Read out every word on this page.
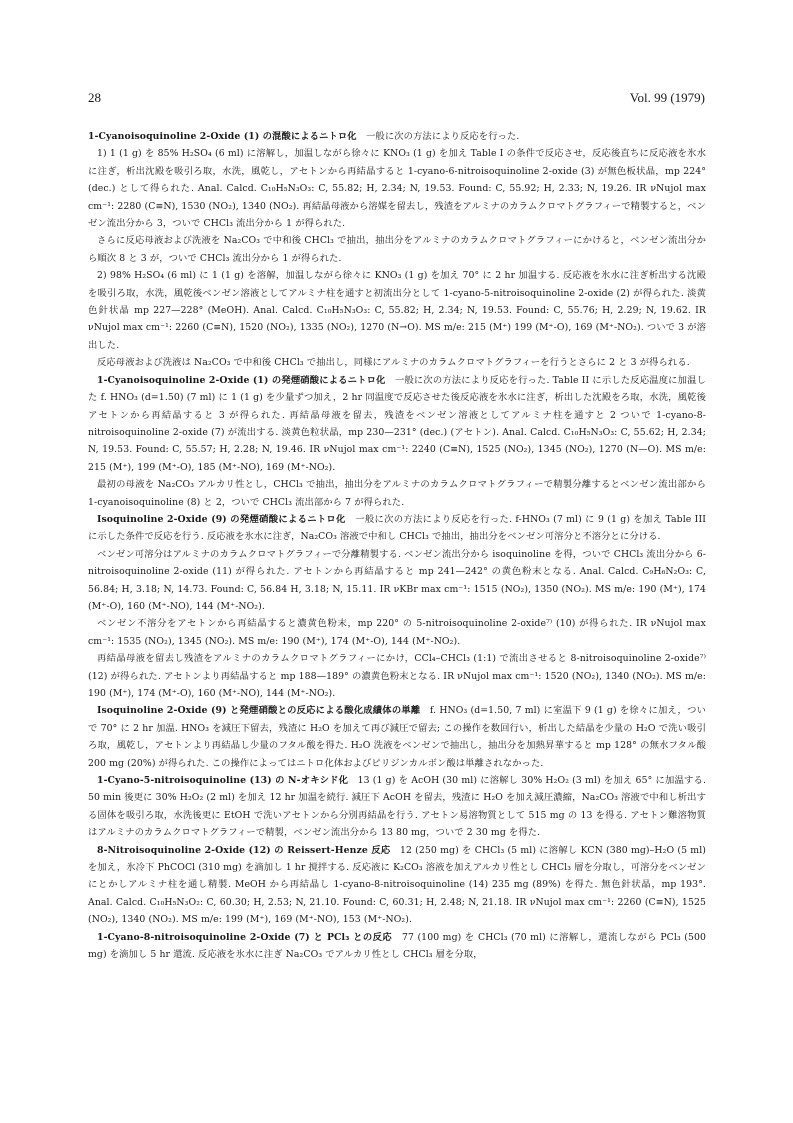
28	Vol. 99 (1979)

1-Cyanoisoquinoline 2-Oxide (1) の混酸によるニトロ化　一般に次の方法により反応を行った.

1) 1 (1 g) を 85% H₂SO₄ (6 ml) に溶解し，加温しながら徐々に KNO₃ (1 g) を加え Table I の条件で反応させ，反応後直ちに反応液を氷水に注ぎ，析出沈殿を吸引ろ取，水洗，風乾し，アセトンから再結晶すると 1-cyano-6-nitroisoquinoline 2-oxide (3) が無色板状晶，mp 224° (dec.) として得られた. Anal. Calcd. C₁₀H₅N₃O₃: C, 55.82; H, 2.34; N, 19.53. Found: C, 55.92; H, 2.33; N, 19.26. IR νNujol max cm⁻¹: 2280 (C≡N), 1530 (NO₂), 1340 (NO₂). 再結晶母液から溶媒を留去し，残渣をアルミナのカラムクロマトグラフィーで精製すると，ベンゼン流出分から 3，ついで CHCl₃ 流出分から 1 が得られた.

さらに反応母液および洗液を Na₂CO₃ で中和後 CHCl₃ で抽出，抽出分をアルミナのカラムクロマトグラフィーにかけると，ベンゼン流出分から順次 8 と 3 が，ついで CHCl₃ 流出分から 1 が得られた.

2) 98% H₂SO₄ (6 ml) に 1 (1 g) を溶解，加温しながら徐々に KNO₃ (1 g) を加え 70° に 2 hr 加温する. 反応液を氷水に注ぎ析出する沈殿を吸引ろ取，水洗，風乾後ベンゼン溶液としてアルミナ柱を通すと初流出分として 1-cyano-5-nitroisoquinoline 2-oxide (2) が得られた. 淡黄色針状晶 mp 227—228° (MeOH). Anal. Calcd. C₁₀H₅N₃O₃: C, 55.82; H, 2.34; N, 19.53. Found: C, 55.76; H, 2.29; N, 19.62. IR νNujol max cm⁻¹: 2260 (C≡N), 1520 (NO₂), 1335 (NO₂), 1270 (N→O). MS m/e: 215 (M⁺) 199 (M⁺-O), 169 (M⁺-NO₂). ついで 3 が溶出した.

反応母液および洗液は Na₂CO₃ で中和後 CHCl₃ で抽出し，同様にアルミナのカラムクロマトグラフィーを行うとさらに 2 と 3 が得られる.

1-Cyanoisoquinoline 2-Oxide (1) の発煙硝酸によるニトロ化　一般に次の方法により反応を行った. Table II に示した反応温度に加温した f. HNO₃ (d=1.50) (7 ml) に 1 (1 g) を少量ずつ加え，2 hr 同温度で反応させた後反応液を氷水に注ぎ，析出した沈殿をろ取，水洗，風乾後アセトンから再結晶すると 3 が得られた. 再結晶母液を留去，残渣をベンゼン溶液としてアルミナ柱を通すと 2 ついで 1-cyano-8-nitroisoquinoline 2-oxide (7) が流出する. 淡黄色粒状晶，mp 230—231° (dec.) (アセトン). Anal. Calcd. C₁₀H₅N₃O₃: C, 55.62; H, 2.34; N, 19.53. Found: C, 55.57; H, 2.28; N, 19.46. IR νNujol max cm⁻¹: 2240 (C≡N), 1525 (NO₂), 1345 (NO₂), 1270 (N—O). MS m/e: 215 (M⁺), 199 (M⁺-O), 185 (M⁺-NO), 169 (M⁺-NO₂).

最初の母液を Na₂CO₃ アルカリ性とし，CHCl₃ で抽出，抽出分をアルミナのカラムクロマトグラフィーで精製分離するとベンゼン流出部から 1-cyanoisoquinoline (8) と 2，ついで CHCl₃ 流出部から 7 が得られた.

Isoquinoline 2-Oxide (9) の発煙硝酸によるニトロ化　一般に次の方法により反応を行った. f-HNO₃ (7 ml) に 9 (1 g) を加え Table III に示した条件で反応を行う. 反応液を氷水に注ぎ，Na₂CO₃ 溶液で中和し CHCl₃ で抽出，抽出分をベンゼン可溶分と不溶分とに分ける.

ベンゼン可溶分はアルミナのカラムクロマトグラフィーで分離精製する. ベンゼン流出分から isoquinoline を得，ついで CHCl₃ 流出分から 6-nitroisoquinoline 2-oxide (11) が得られた. アセトンから再結晶すると mp 241—242° の黄色粉末となる. Anal. Calcd. C₉H₆N₂O₃: C, 56.84; H, 3.18; N, 14.73. Found: C, 56.84 H, 3.18; N, 15.11. IR νKBr max cm⁻¹: 1515 (NO₂), 1350 (NO₂). MS m/e: 190 (M⁺), 174 (M⁺-O), 160 (M⁺-NO), 144 (M⁺-NO₂).

ベンゼン不溶分をアセトンから再結晶すると濃黄色粉末，mp 220° の 5-nitroisoquinoline 2-oxide⁷⁾ (10) が得られた. IR νNujol max cm⁻¹: 1535 (NO₂), 1345 (NO₂). MS m/e: 190 (M⁺), 174 (M⁺-O), 144 (M⁺-NO₂).

再結晶母液を留去し残渣をアルミナのカラムクロマトグラフィーにかけ，CCl₄–CHCl₃ (1:1) で流出させると 8-nitroisoquinoline 2-oxide⁷⁾ (12) が得られた. アセトンより再結晶すると mp 188—189° の濃黄色粉末となる. IR νNujol max cm⁻¹: 1520 (NO₂), 1340 (NO₂). MS m/e: 190 (M⁺), 174 (M⁺-O), 160 (M⁺-NO), 144 (M⁺-NO₂).

Isoquinoline 2-Oxide (9) と発煙硝酸との反応による酸化成績体の単離　f. HNO₃ (d=1.50, 7 ml) に室温下 9 (1 g) を徐々に加え，ついで 70° に 2 hr 加温. HNO₃ を減圧下留去，残渣に H₂O を加えて再び減圧で留去; この操作を数回行い，析出した結晶を少量の H₂O で洗い吸引ろ取，風乾し，アセトンより再結晶し少量のフタル酸を得た. H₂O 洗液をベンゼンで抽出し，抽出分を加熱昇華すると mp 128° の無水フタル酸 200 mg (20%) が得られた. この操作によってはニトロ化体およびピリジンカルボン酸は単離されなかった.

1-Cyano-5-nitroisoquinoline (13) の N-オキシド化　13 (1 g) を AcOH (30 ml) に溶解し 30% H₂O₂ (3 ml) を加え 65° に加温する. 50 min 後更に 30% H₂O₂ (2 ml) を加え 12 hr 加温を続行. 減圧下 AcOH を留去，残渣に H₂O を加え減圧濃縮，Na₂CO₃ 溶液で中和し析出する固体を吸引ろ取，水洗後更に EtOH で洗いアセトンから分別再結晶を行う. アセトン易溶物質として 515 mg の 13 を得る. アセトン難溶物質はアルミナのカラムクロマトグラフィーで精製，ベンゼン流出分から 13 80 mg，ついで 2 30 mg を得た.

8-Nitroisoquinoline 2-Oxide (12) の Reissert-Henze 反応　12 (250 mg) を CHCl₃ (5 ml) に溶解し KCN (380 mg)–H₂O (5 ml) を加え，氷冷下 PhCOCl (310 mg) を滴加し 1 hr 撹拌する. 反応液に K₂CO₃ 溶液を加えアルカリ性とし CHCl₃ 層を分取し，可溶分をベンゼンにとかしアルミナ柱を通し精製. MeOH から再結晶し 1-cyano-8-nitroisoquinoline (14) 235 mg (89%) を得た. 無色針状晶，mp 193°. Anal. Calcd. C₁₀H₅N₃O₂: C, 60.30; H, 2.53; N, 21.10. Found: C, 60.31; H, 2.48; N, 21.18. IR νNujol max cm⁻¹: 2260 (C≡N), 1525 (NO₂), 1340 (NO₂). MS m/e: 199 (M⁺), 169 (M⁺-NO), 153 (M⁺-NO₂).

1-Cyano-8-nitroisoquinoline 2-Oxide (7) と PCl₃ との反応　77 (100 mg) を CHCl₃ (70 ml) に溶解し，還流しながら PCl₃ (500 mg) を滴加し 5 hr 還流. 反応液を氷水に注ぎ Na₂CO₃ でアルカリ性とし CHCl₃ 層を分取，
